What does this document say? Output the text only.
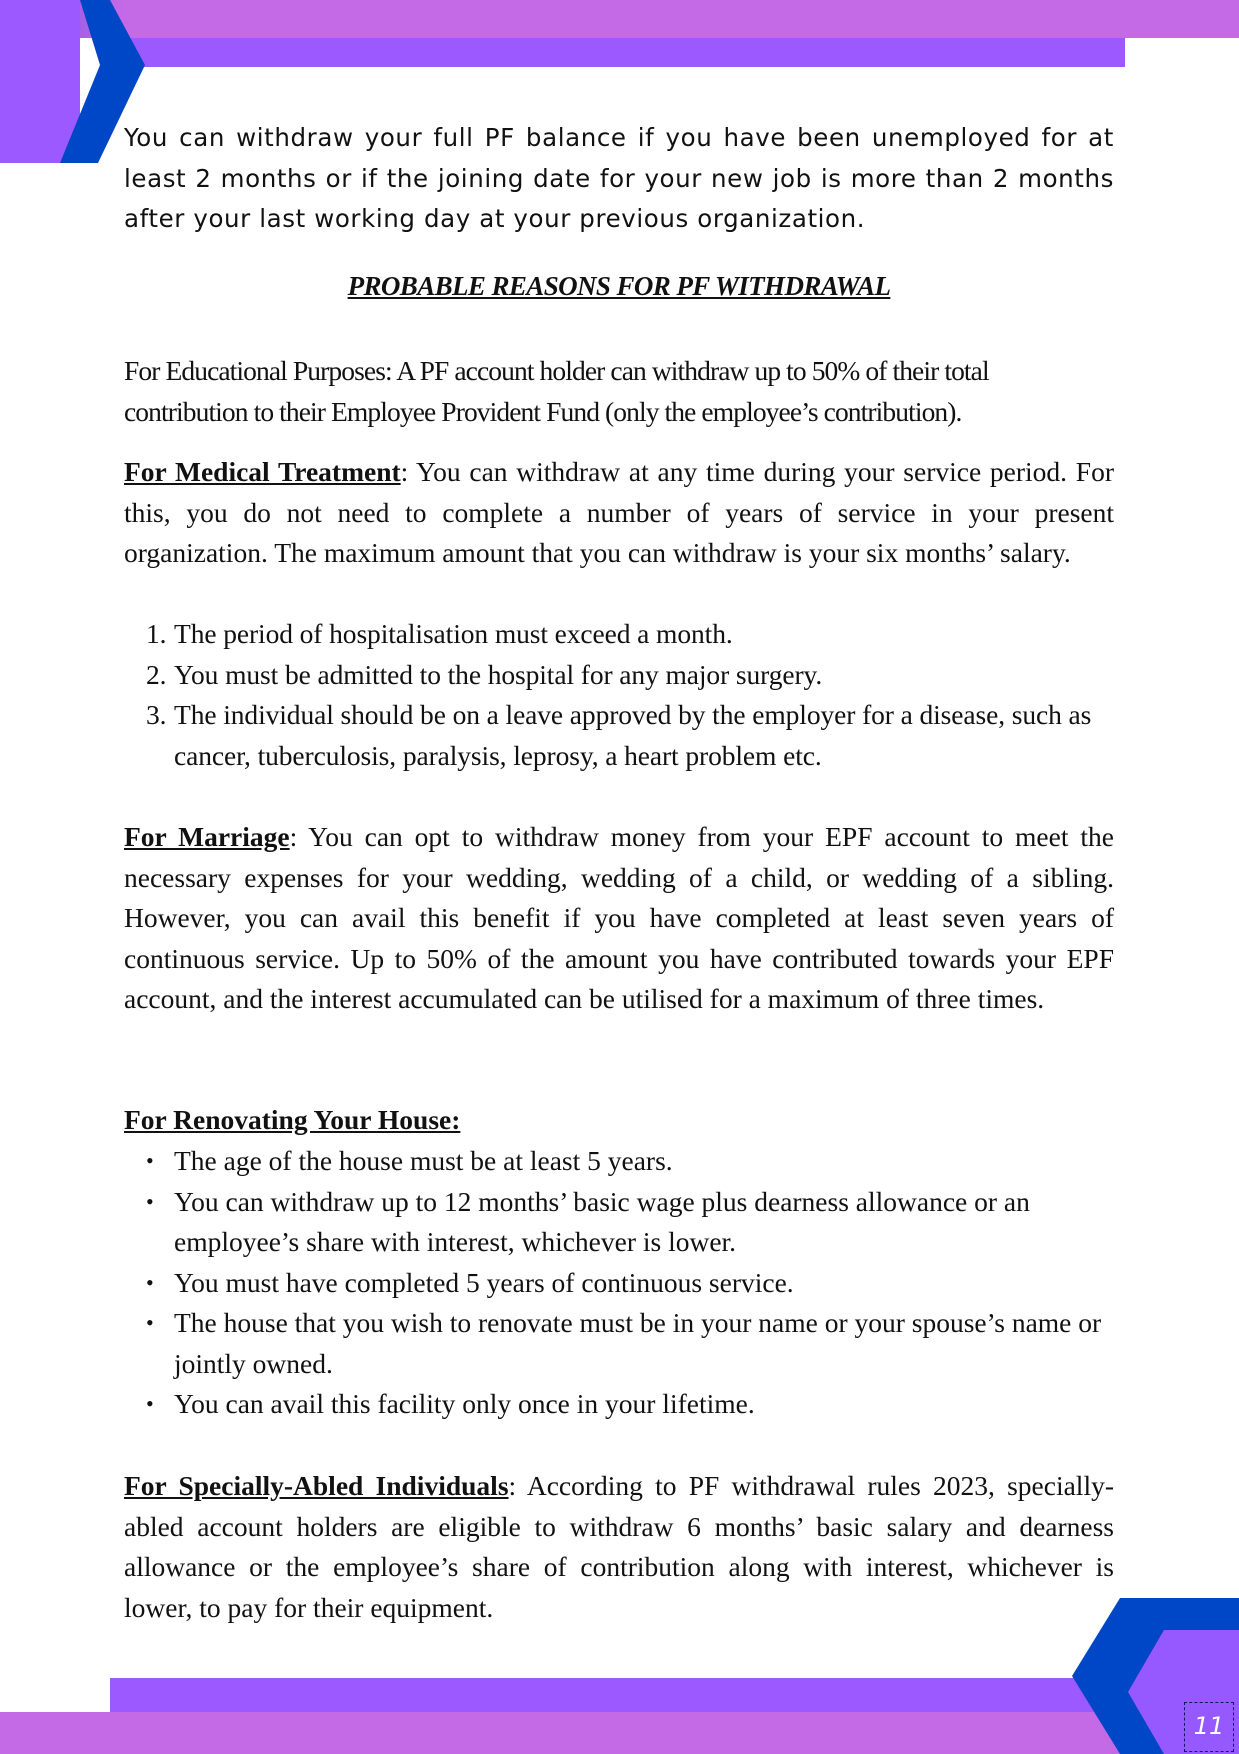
You can withdraw your full PF balance if you have been unemployed for at least 2 months or if the joining date for your new job is more than 2 months after your last working day at your previous organization.

PROBABLE REASONS FOR PF WITHDRAWAL

For Educational Purposes: A PF account holder can withdraw up to 50% of their total contribution to their Employee Provident Fund (only the employee’s contribution).

For Medical Treatment: You can withdraw at any time during your service period. For this, you do not need to complete a number of years of service in your present organization. The maximum amount that you can withdraw is your six months’ salary.

1. The period of hospitalisation must exceed a month.
2. You must be admitted to the hospital for any major surgery.
3. The individual should be on a leave approved by the employer for a disease, such as cancer, tuberculosis, paralysis, leprosy, a heart problem etc.

For Marriage: You can opt to withdraw money from your EPF account to meet the necessary expenses for your wedding, wedding of a child, or wedding of a sibling. However, you can avail this benefit if you have completed at least seven years of continuous service. Up to 50% of the amount you have contributed towards your EPF account, and the interest accumulated can be utilised for a maximum of three times.

For Renovating Your House:

• The age of the house must be at least 5 years.
• You can withdraw up to 12 months’ basic wage plus dearness allowance or an employee’s share with interest, whichever is lower.
• You must have completed 5 years of continuous service.
• The house that you wish to renovate must be in your name or your spouse’s name or jointly owned.
• You can avail this facility only once in your lifetime.

For Specially-Abled Individuals: According to PF withdrawal rules 2023, specially-abled account holders are eligible to withdraw 6 months’ basic salary and dearness allowance or the employee’s share of contribution along with interest, whichever is lower, to pay for their equipment.

11
